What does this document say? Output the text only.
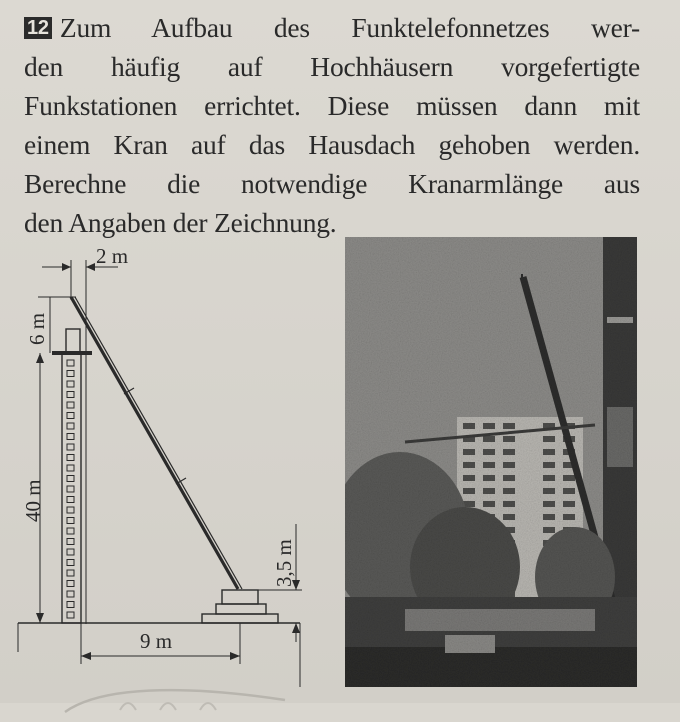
12 Zum Aufbau des Funktelefonnetzes wer-
den häufig auf Hochhäusern vorgefertigte
Funkstationen errichtet. Diese müssen dann mit
einem Kran auf das Hausdach gehoben werden.
Berechne die notwendige Kranarmlänge aus
den Angaben der Zeichnung.
2 m
6 m
40 m
3,5 m
9 m
